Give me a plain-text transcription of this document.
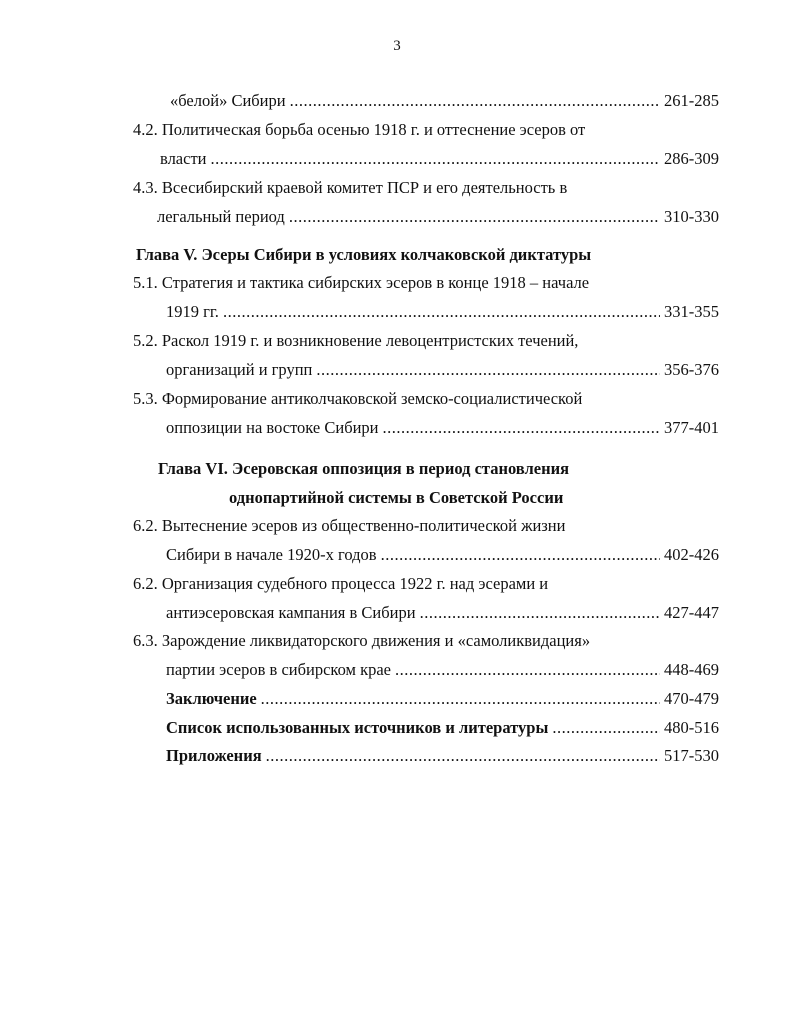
3
«белой» Сибири .....	261-285
4.2. Политическая борьба осенью 1918 г. и оттеснение эсеров от
власти .....	286-309
4.3. Всесибирский краевой комитет ПСР и его деятельность в
легальный период .....	310-330
Глава V. Эсеры Сибири в условиях колчаковской диктатуры
5.1. Стратегия и тактика сибирских эсеров в конце 1918 – начале
1919 гг. .....	331-355
5.2. Раскол 1919 г. и возникновение левоцентристских течений,
организаций и групп .....	356-376
5.3. Формирование антиколчаковской земско-социалистической
оппозиции на востоке Сибири .....	377-401
Глава VI. Эсеровская оппозиция в период становления
однопартийной системы в Советской России
6.2. Вытеснение эсеров из общественно-политической жизни
Сибири в начале 1920-х годов .....	402-426
6.2. Организация судебного процесса 1922 г. над эсерами и
антиэсеровская кампания в Сибири .....	427-447
6.3. Зарождение ликвидаторского движения и «самоликвидация»
партии эсеров в сибирском крае .....	448-469
Заключение .....	470-479
Список использованных источников и литературы .....	480-516
Приложения .....	517-530
